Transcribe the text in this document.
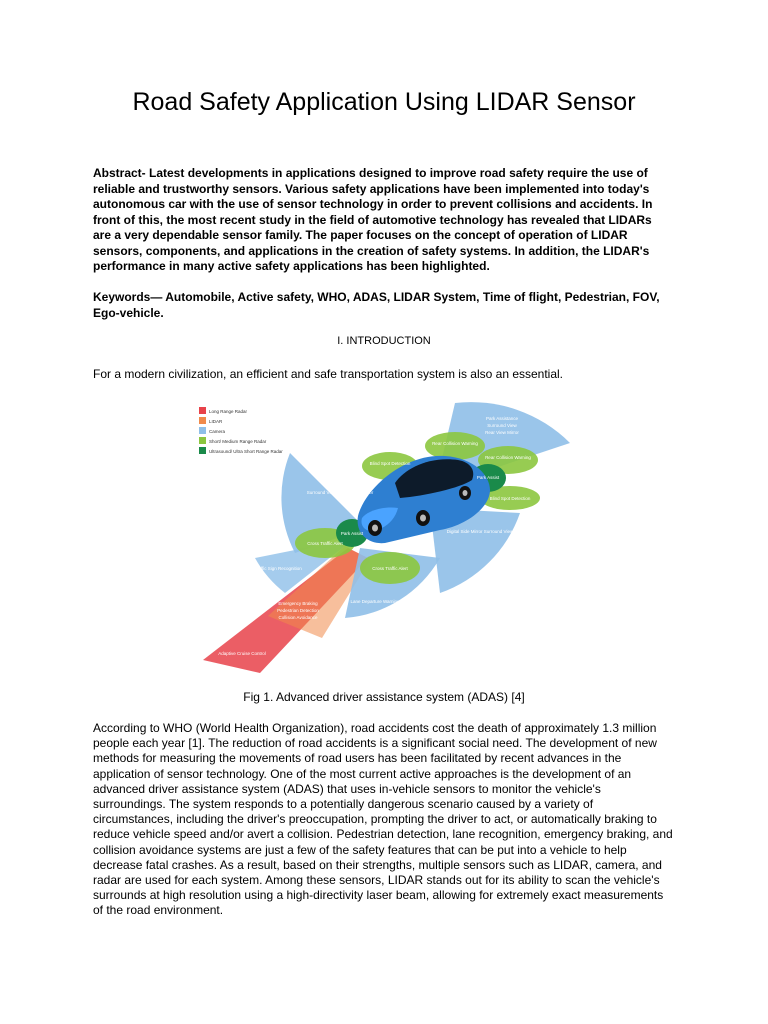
Road Safety Application Using LIDAR Sensor

Abstract- Latest developments in applications designed to improve road safety require the use of reliable and trustworthy sensors. Various safety applications have been implemented into today's autonomous car with the use of sensor technology in order to prevent collisions and accidents. In front of this, the most recent study in the field of automotive technology has revealed that LIDARs are a very dependable sensor family. The paper focuses on the concept of operation of LIDAR sensors, components, and applications in the creation of safety systems. In addition, the LIDAR's performance in many active safety applications has been highlighted.

Keywords— Automobile, Active safety, WHO, ADAS, LIDAR System, Time of flight, Pedestrian, FOV, Ego-vehicle.

I. INTRODUCTION

For a modern civilization, an efficient and safe transportation system is also an essential.

Long Range Radar
LIDAR
Camera
Short/ Medium Range Radar
Ultrasound/ Ultra Short Range Radar
Park Assistance
Surround View
Rear View Mirror
Rear Collision Warning
Rear Collision Warning
Park Assist
Blind Spot Detection
Blind Spot Detection
Surround View Digital Side Mirror
Digital Side Mirror Surround View
Park Assist
Cross Traffic Alert
Cross Traffic Alert
Traffic Sign Recognition
Lane Departure Warning
Emergency Braking
Pedestrian Detection
Collision Avoidance
Adaptive Cruise Control

Fig 1. Advanced driver assistance system (ADAS) [4]

According to WHO (World Health Organization), road accidents cost the death of approximately 1.3 million people each year [1]. The reduction of road accidents is a significant social need. The development of new methods for measuring the movements of road users has been facilitated by recent advances in the application of sensor technology. One of the most current active approaches is the development of an advanced driver assistance system (ADAS) that uses in-vehicle sensors to monitor the vehicle's surroundings. The system responds to a potentially dangerous scenario caused by a variety of circumstances, including the driver's preoccupation, prompting the driver to act, or automatically braking to reduce vehicle speed and/or avert a collision. Pedestrian detection, lane recognition, emergency braking, and collision avoidance systems are just a few of the safety features that can be put into a vehicle to help decrease fatal crashes. As a result, based on their strengths, multiple sensors such as LIDAR, camera, and radar are used for each system. Among these sensors, LIDAR stands out for its ability to scan the vehicle's surrounds at high resolution using a high-directivity laser beam, allowing for extremely exact measurements of the road environment.
